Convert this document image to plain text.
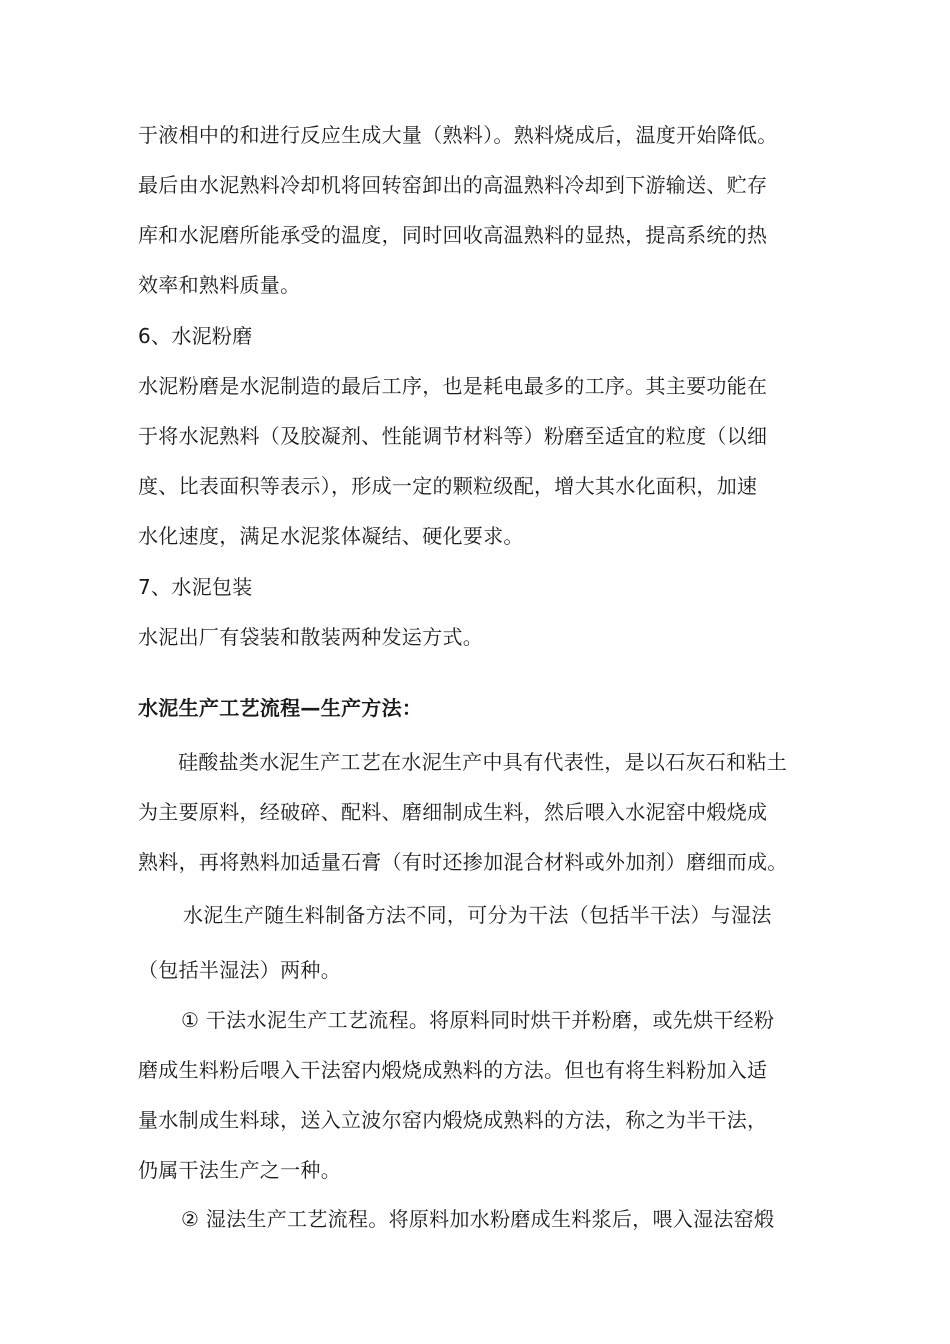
于液相中的和进行反应生成大量（熟料）。熟料烧成后，温度开始降低。
最后由水泥熟料冷却机将回转窑卸出的高温熟料冷却到下游输送、贮存
库和水泥磨所能承受的温度，同时回收高温熟料的显热，提高系统的热
效率和熟料质量。
6、水泥粉磨
水泥粉磨是水泥制造的最后工序，也是耗电最多的工序。其主要功能在
于将水泥熟料（及胶凝剂、性能调节材料等）粉磨至适宜的粒度（以细
度、比表面积等表示），形成一定的颗粒级配，增大其水化面积，加速
水化速度，满足水泥浆体凝结、硬化要求。
7、水泥包装
水泥出厂有袋装和散装两种发运方式。
水泥生产工艺流程—生产方法：
硅酸盐类水泥生产工艺在水泥生产中具有代表性，是以石灰石和粘土
为主要原料，经破碎、配料、磨细制成生料，然后喂入水泥窑中煅烧成
熟料，再将熟料加适量石膏（有时还掺加混合材料或外加剂）磨细而成。
水泥生产随生料制备方法不同，可分为干法（包括半干法）与湿法
（包括半湿法）两种。
① 干法水泥生产工艺流程。将原料同时烘干并粉磨，或先烘干经粉
磨成生料粉后喂入干法窑内煅烧成熟料的方法。但也有将生料粉加入适
量水制成生料球，送入立波尔窑内煅烧成熟料的方法，称之为半干法，
仍属干法生产之一种。
② 湿法生产工艺流程。将原料加水粉磨成生料浆后，喂入湿法窑煅
